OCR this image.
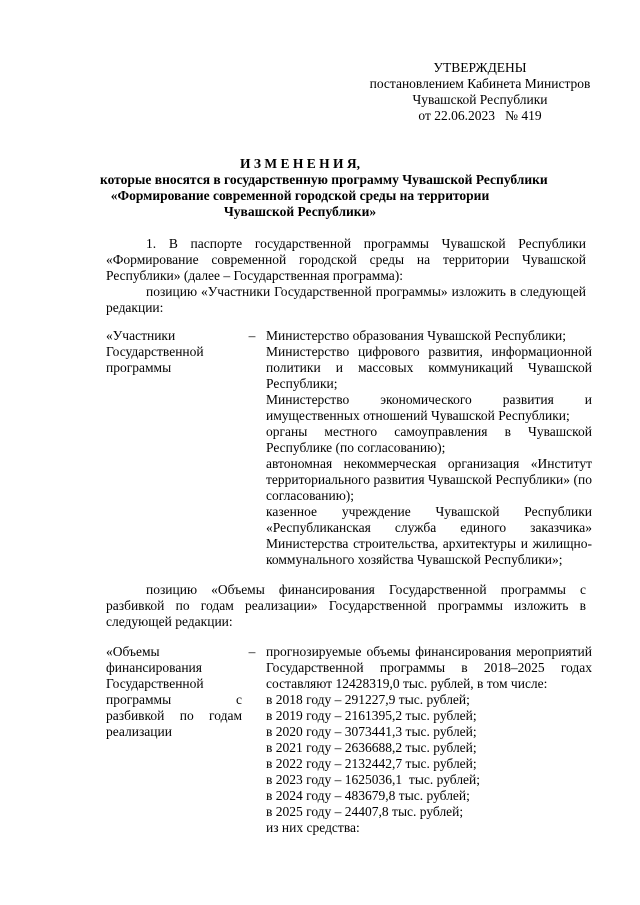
УТВЕРЖДЕНЫ
постановлением Кабинета Министров
Чувашской Республики
от 22.06.2023   № 419
И З М Е Н Е Н И Я,
которые вносятся в государственную программу Чувашской Республики
«Формирование современной городской среды на территории
Чувашской Республики»
1. В паспорте государственной программы Чувашской Республики «Формирование современной городской среды на территории Чувашской Республики» (далее – Государственная программа):
позицию «Участники Государственной программы» изложить в следующей редакции:
«Участники Государственной программы
– Министерство образования Чувашской Республики;
Министерство цифрового развития, информационной политики и массовых коммуникаций Чувашской Республики;
Министерство экономического развития и имущественных отношений Чувашской Республики;
органы местного самоуправления в Чувашской Республике (по согласованию);
автономная некоммерческая организация «Институт территориального развития Чувашской Республики» (по согласованию);
казенное учреждение Чувашской Республики «Республиканская служба единого заказчика» Министерства строительства, архитектуры и жилищно-коммунального хозяйства Чувашской Республики»;
позицию «Объемы финансирования Государственной программы с разбивкой по годам реализации» Государственной программы изложить в следующей редакции:
«Объемы финансирования Государственной программы с разбивкой по годам реализации
– прогнозируемые объемы финансирования мероприятий Государственной программы в 2018–2025 годах составляют 12428319,0 тыс. рублей, в том числе:
в 2018 году – 291227,9 тыс. рублей;
в 2019 году – 2161395,2 тыс. рублей;
в 2020 году – 3073441,3 тыс. рублей;
в 2021 году – 2636688,2 тыс. рублей;
в 2022 году – 2132442,7 тыс. рублей;
в 2023 году – 1625036,1  тыс. рублей;
в 2024 году – 483679,8 тыс. рублей;
в 2025 году – 24407,8 тыс. рублей;
из них средства:
